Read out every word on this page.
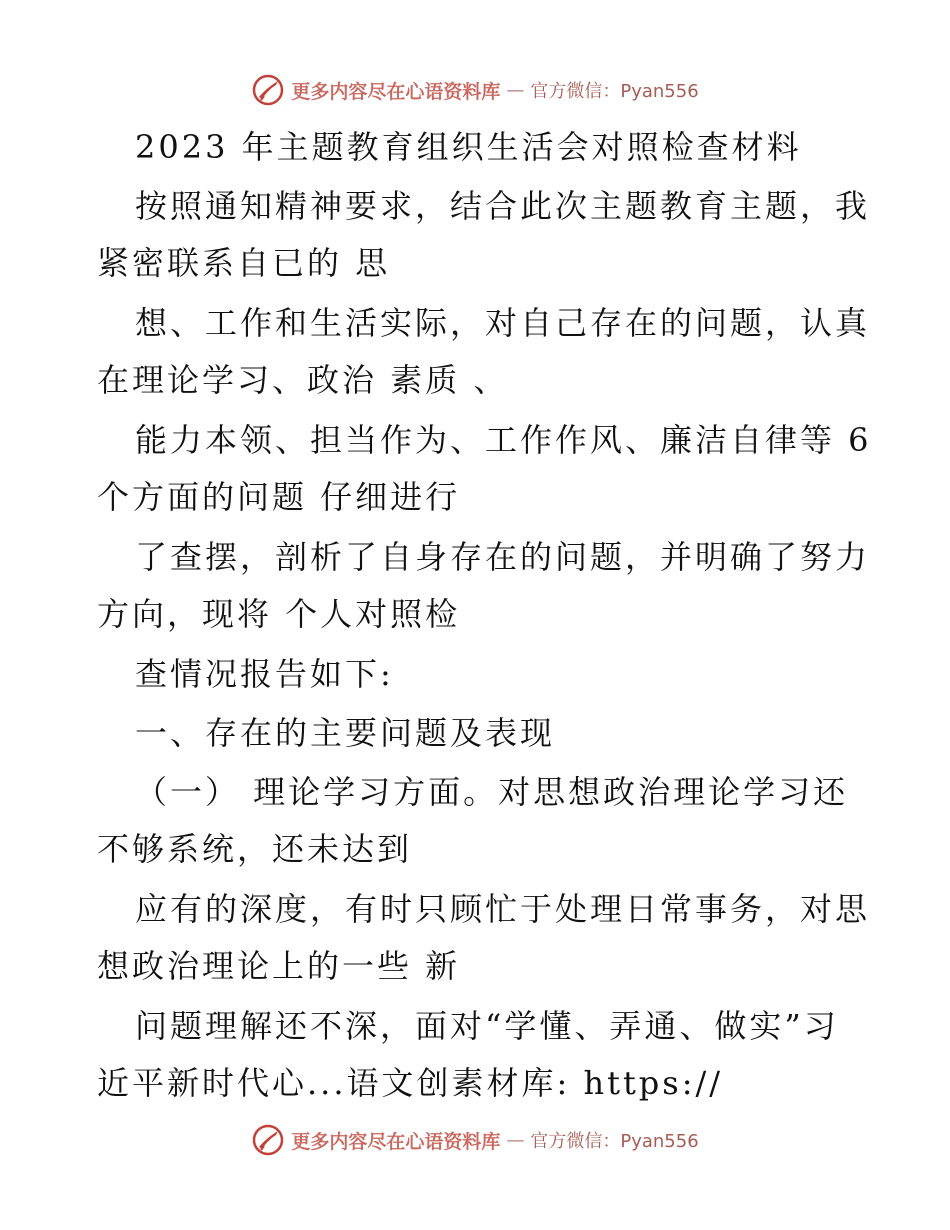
更多内容尽在心语资料库 — 官方微信：Pyan556
2023 年主题教育组织生活会对照检查材料
按照通知精神要求，结合此次主题教育主题，我
紧密联系自已的 思
想、工作和生活实际，对自己存在的问题，认真
在理论学习、政治 素质 、
能力本领、担当作为、工作作风、廉洁自律等 6
个方面的问题 仔细进行
了查摆，剖析了自身存在的问题，并明确了努力
方向，现将 个人对照检
查情况报告如下:
一、存在的主要问题及表现
（一） 理论学习方面。对思想政治理论学习还
不够系统，还未达到
应有的深度，有时只顾忙于处理日常事务，对思
想政治理论上的一些 新
问题理解还不深，面对“学懂、弄通、做实”习
近平新时代心...语文创素材库: https://
更多内容尽在心语资料库 — 官方微信：Pyan556
